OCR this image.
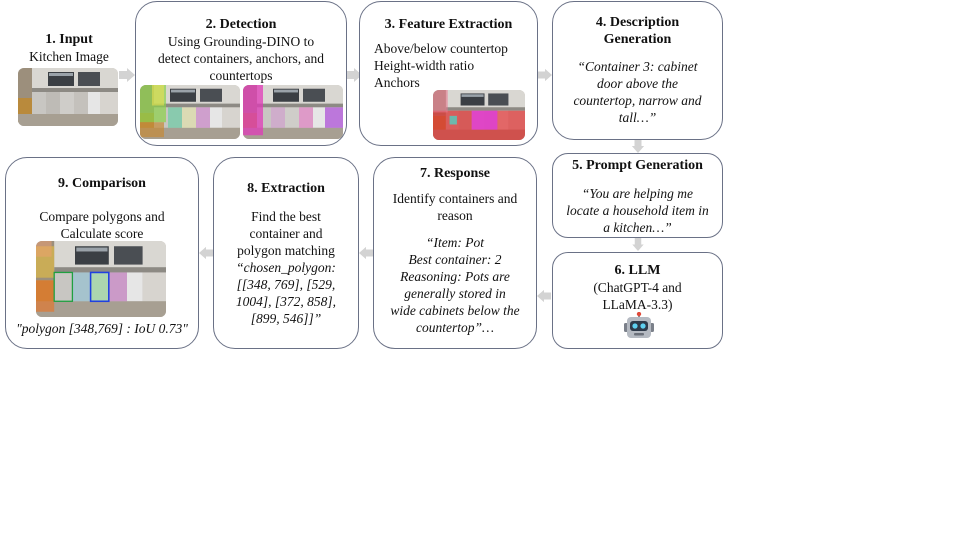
1. Input
Kitchen Image
2. Detection
Using Grounding-DINO to
detect containers, anchors, and
countertops
3. Feature Extraction
Above/below countertop
Height-width ratio
Anchors
4. Description
Generation
“Container 3: cabinet
door above the
countertop, narrow and
tall…”
5. Prompt Generation
“You are helping me
locate a household item in
a kitchen…”
6. LLM
(ChatGPT-4 and
LLaMA-3.3)
7. Response
Identify containers and
reason
“Item: Pot
Best container: 2
Reasoning: Pots are
generally stored in
wide cabinets below the
countertop”…
8. Extraction
Find the best
container and
polygon matching
“chosen_polygon:
[[348, 769], [529,
1004], [372, 858],
[899, 546]]”
9. Comparison
Compare polygons and
Calculate score
"polygon [348,769] : IoU 0.73"
